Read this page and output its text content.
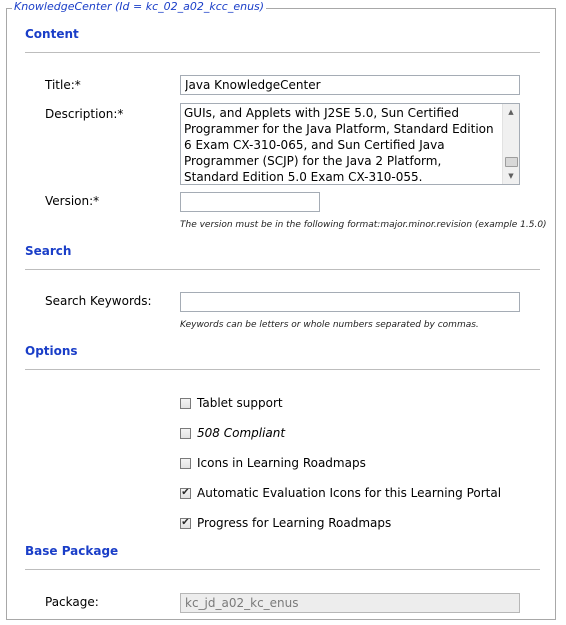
KnowledgeCenter (Id = kc_02_a02_kcc_enus)
Content
Title:*
Java KnowledgeCenter
Description:*	GUIs, and Applets with J2SE 5.0, Sun Certified Programmer for the Java Platform, Standard Edition 6 Exam CX-310-065, and Sun Certified Java Programmer (SCJP) for the Java 2 Platform, Standard Edition 5.0 Exam CX-310-055.
▲
▼
Version:*
The version must be in the following format:major.minor.revision (example 1.5.0)
Search
Search Keywords:
Keywords can be letters or whole numbers separated by commas.
Options
Tablet support
508 Compliant
Icons in Learning Roadmaps
✔ Automatic Evaluation Icons for this Learning Portal
✔ Progress for Learning Roadmaps
Base Package
Package:
kc_jd_a02_kc_enus
